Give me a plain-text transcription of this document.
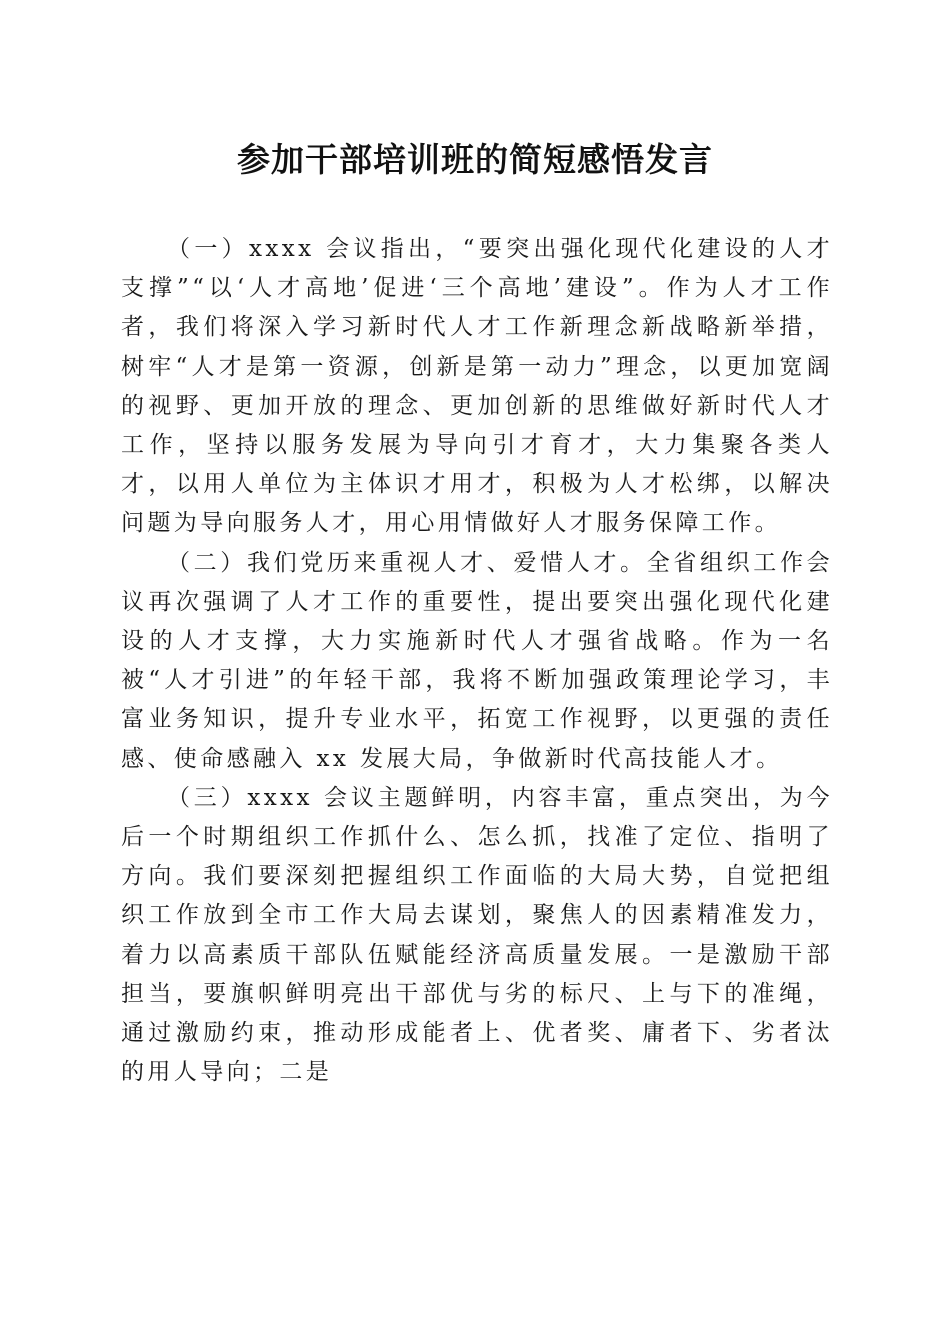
参加干部培训班的简短感悟发言

（一）xxxx 会议指出，“要突出强化现代化建设的人才支撑”“以‘人才高地’促进‘三个高地’建设”。作为人才工作者，我们将深入学习新时代人才工作新理念新战略新举措，树牢“人才是第一资源，创新是第一动力”理念，以更加宽阔的视野、更加开放的理念、更加创新的思维做好新时代人才工作，坚持以服务发展为导向引才育才，大力集聚各类人才，以用人单位为主体识才用才，积极为人才松绑，以解决问题为导向服务人才，用心用情做好人才服务保障工作。

（二）我们党历来重视人才、爱惜人才。全省组织工作会议再次强调了人才工作的重要性，提出要突出强化现代化建设的人才支撑，大力实施新时代人才强省战略。作为一名被“人才引进”的年轻干部，我将不断加强政策理论学习，丰富业务知识，提升专业水平，拓宽工作视野，以更强的责任感、使命感融入 xx 发展大局，争做新时代高技能人才。

（三）xxxx 会议主题鲜明，内容丰富，重点突出，为今后一个时期组织工作抓什么、怎么抓，找准了定位、指明了方向。我们要深刻把握组织工作面临的大局大势，自觉把组织工作放到全市工作大局去谋划，聚焦人的因素精准发力，着力以高素质干部队伍赋能经济高质量发展。一是激励干部担当，要旗帜鲜明亮出干部优与劣的标尺、上与下的准绳，通过激励约束，推动形成能者上、优者奖、庸者下、劣者汰的用人导向；二是
